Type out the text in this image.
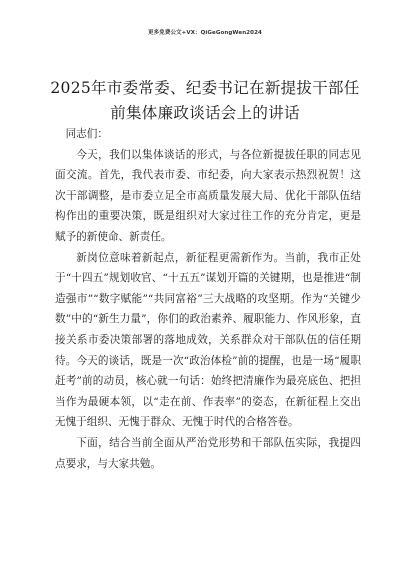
更多免费公文+VX：QiGeGongWen2024
2025年市委常委、纪委书记在新提拔干部任
前集体廉政谈话会上的讲话

同志们：

今天，我们以集体谈话的形式，与各位新提拔任职的同志见面交流。首先，我代表市委、市纪委，向大家表示热烈祝贺！这次干部调整，是市委立足全市高质量发展大局、优化干部队伍结构作出的重要决策，既是组织对大家过往工作的充分肯定，更是赋予的新使命、新责任。

新岗位意味着新起点，新征程更需新作为。当前，我市正处于“十四五”规划收官、“十五五”谋划开篇的关键期，也是推进“制造强市”“数字赋能”“共同富裕”三大战略的攻坚期。作为“关键少数”中的“新生力量”，你们的政治素养、履职能力、作风形象，直接关系市委决策部署的落地成效，关系群众对干部队伍的信任期待。今天的谈话，既是一次“政治体检”前的提醒，也是一场“履职赶考”前的动员，核心就一句话：始终把清廉作为最亮底色、把担当作为最硬本领，以“走在前、作表率”的姿态，在新征程上交出无愧于组织、无愧于群众、无愧于时代的合格答卷。

下面，结合当前全面从严治党形势和干部队伍实际，我提四点要求，与大家共勉。
